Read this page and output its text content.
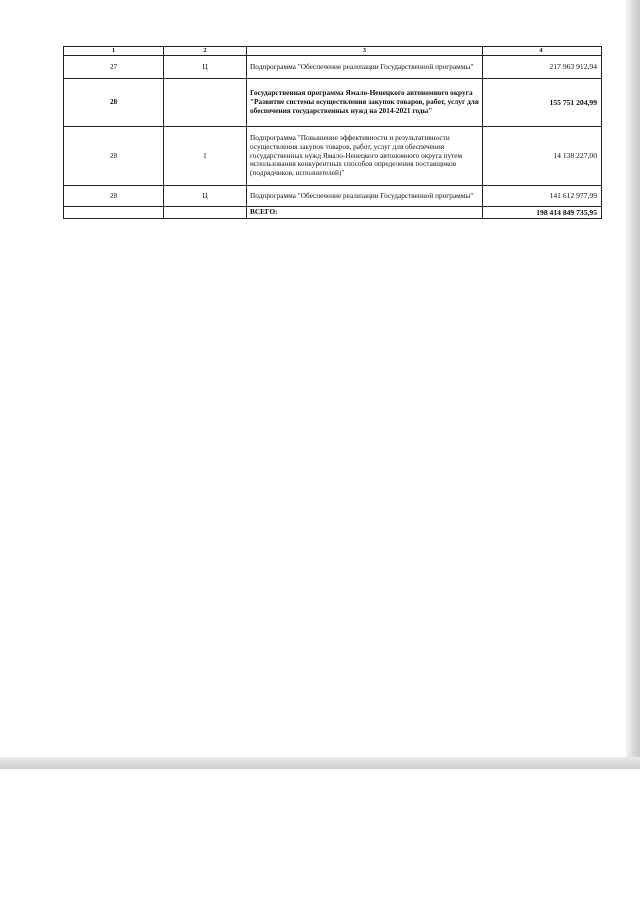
1	2	3	4
27	Ц	Подпрограмма "Обеспечение реализации Государственной программы"	217 963 912,94
28		Государственная программа Ямало-Ненецкого автономного округа "Развитие системы осуществления закупок товаров, работ, услуг для обеспечения государственных нужд на 2014-2021 годы"	155 751 204,99
28	1	Подпрограмма "Повышение эффективности и результативности осуществления закупок товаров, работ, услуг для обеспечения государственных нужд Ямало-Ненецкого автономного округа путем использования конкурентных способов определения поставщиков (подрядчиков, исполнителей)"	14 138 227,00
28	Ц	Подпрограмма "Обеспечение реализации Государственной программы"	141 612 977,99
		ВСЕГО:	198 414 849 735,95
